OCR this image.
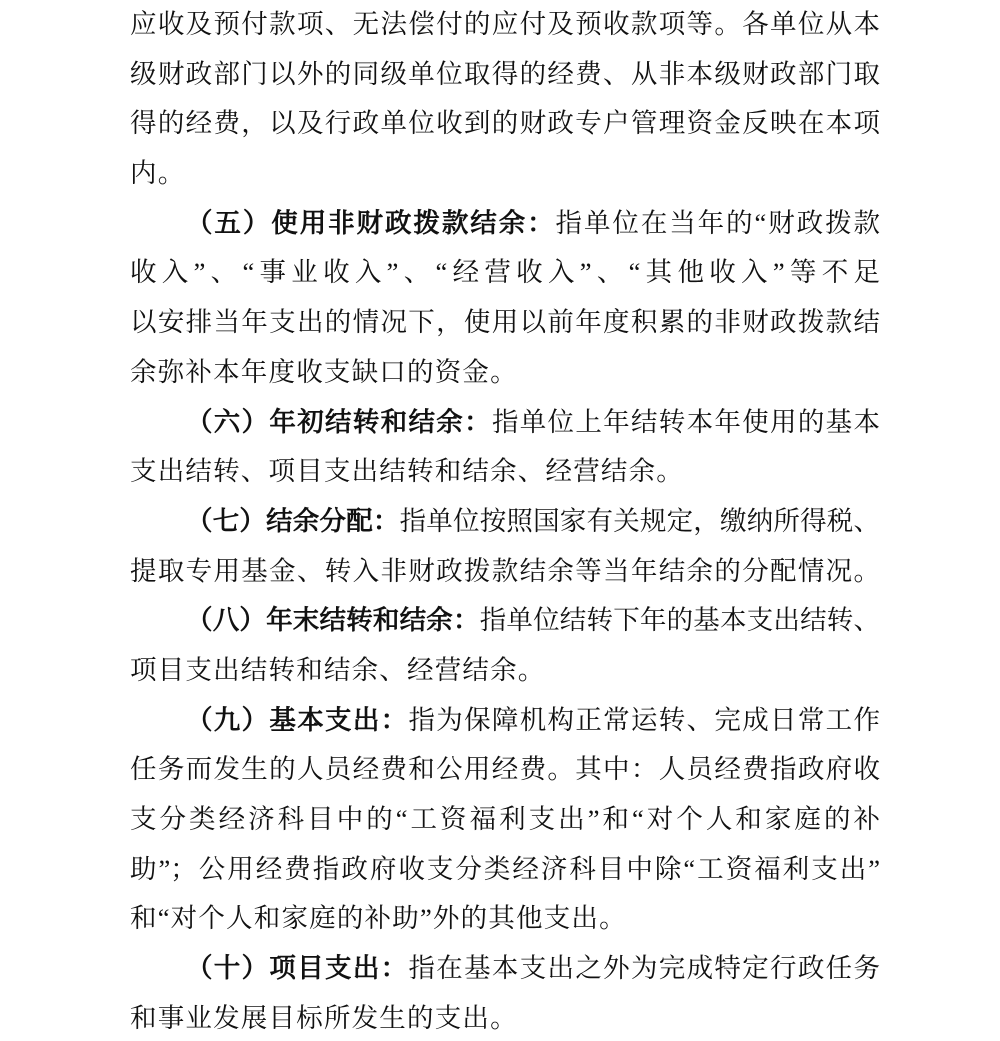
应收及预付款项、无法偿付的应付及预收款项等。各单位从本
级财政部门以外的同级单位取得的经费、从非本级财政部门取
得的经费，以及行政单位收到的财政专户管理资金反映在本项
内。
（五）使用非财政拨款结余：指单位在当年的“财政拨款
收入”、“事业收入”、“经营收入”、“其他收入”等不足
以安排当年支出的情况下，使用以前年度积累的非财政拨款结
余弥补本年度收支缺口的资金。
（六）年初结转和结余：指单位上年结转本年使用的基本
支出结转、项目支出结转和结余、经营结余。
（七）结余分配：指单位按照国家有关规定，缴纳所得税、
提取专用基金、转入非财政拨款结余等当年结余的分配情况。
（八）年末结转和结余：指单位结转下年的基本支出结转、
项目支出结转和结余、经营结余。
（九）基本支出：指为保障机构正常运转、完成日常工作
任务而发生的人员经费和公用经费。其中：人员经费指政府收
支分类经济科目中的“工资福利支出”和“对个人和家庭的补
助”；公用经费指政府收支分类经济科目中除“工资福利支出”
和“对个人和家庭的补助”外的其他支出。
（十）项目支出：指在基本支出之外为完成特定行政任务
和事业发展目标所发生的支出。
